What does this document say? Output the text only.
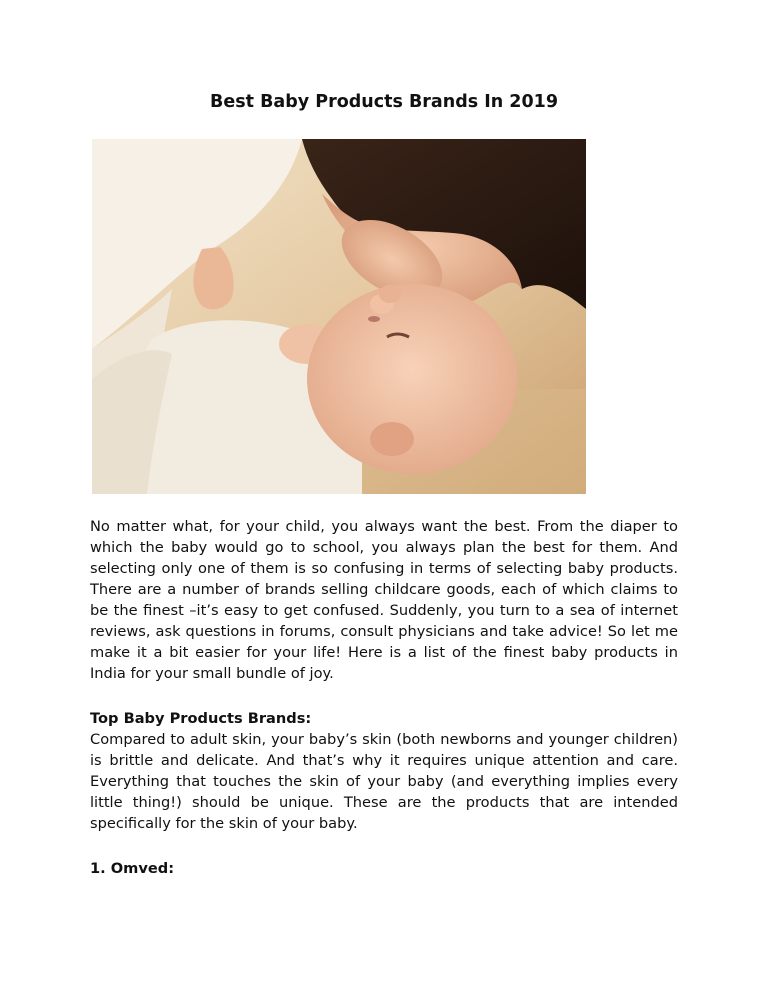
Best Baby Products Brands In 2019

No matter what, for your child, you always want the best. From the diaper to which the baby would go to school, you always plan the best for them. And selecting only one of them is so confusing in terms of selecting baby products. There are a number of brands selling childcare goods, each of which claims to be the finest –it’s easy to get confused. Suddenly, you turn to a sea of internet reviews, ask questions in forums, consult physicians and take advice! So let me make it a bit easier for your life! Here is a list of the finest baby products in India for your small bundle of joy.

Top Baby Products Brands:

Compared to adult skin, your baby’s skin (both newborns and younger children) is brittle and delicate. And that’s why it requires unique attention and care. Everything that touches the skin of your baby (and everything implies every little thing!) should be unique. These are the products that are intended specifically for the skin of your baby.

1. Omved:
